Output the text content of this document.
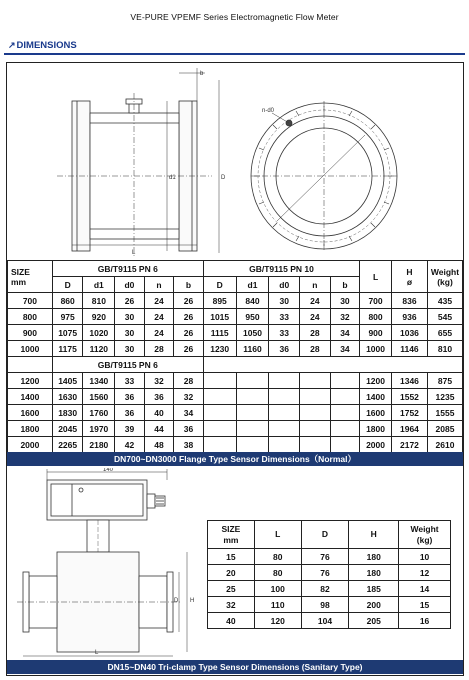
VE-PURE VPEMF Series Electromagnetic Flow Meter
↗DIMENSIONS
b
L
D
d1
n-d0
SIZE
mm	GB/T9115 PN 6					GB/T9115 PN 10					L	H
ø	Weight
(kg)
	D	d1	d0	n	b	D	d1	d0	n	b			
700	860	810	26	24	26	895	840	30	24	30	700	836	435
800	975	920	30	24	26	1015	950	33	24	32	800	936	545
900	1075	1020	30	24	26	1115	1050	33	28	34	900	1036	655
1000	1175	1120	30	28	26	1230	1160	36	28	34	1000	1146	810
	GB/T9115 PN 6												
1200	1405	1340	33	32	28						1200	1346	875
1400	1630	1560	36	36	32						1400	1552	1235
1600	1830	1760	36	40	34						1600	1752	1555
1800	2045	1970	39	44	36						1800	1964	2085
2000	2265	2180	42	48	38						2000	2172	2610
DN700~DN3000 Flange Type Sensor Dimensions（Normal）
140
H
D
L
SIZE
mm	L	D	H	Weight
(kg)
15	80	76	180	10
20	80	76	180	12
25	100	82	185	14
32	110	98	200	15
40	120	104	205	16
DN15~DN40 Tri-clamp Type Sensor Dimensions (Sanitary Type)
